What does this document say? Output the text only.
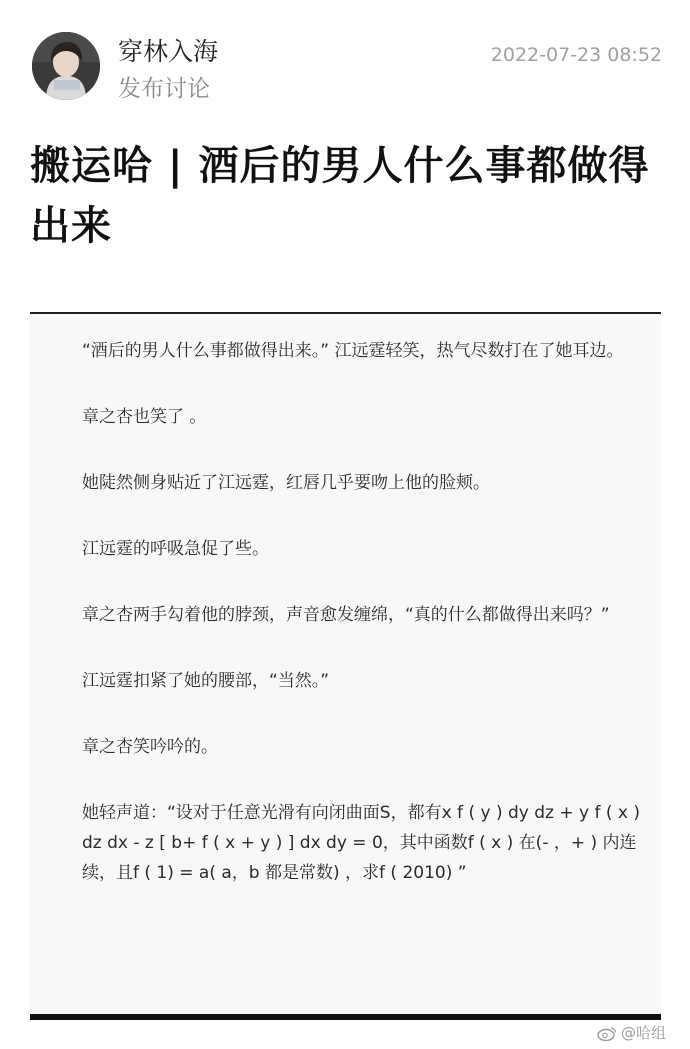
穿林入海
发布讨论
2022-07-23 08:52
搬运哈 | 酒后的男人什么事都做得出来

“酒后的男人什么事都做得出来。” 江远霆轻笑，热气尽数打在了她耳边。

章之杏也笑了 。

她陡然侧身贴近了江远霆，红唇几乎要吻上他的脸颊。

江远霆的呼吸急促了些。

章之杏两手勾着他的脖颈，声音愈发缠绵，“真的什么都做得出来吗？”

江远霆扣紧了她的腰部，“当然。”

章之杏笑吟吟的。

她轻声道：“设对于任意光滑有向闭曲面S，都有x f ( y ) dy dz + y f ( x ) dz dx - z [ b+ f ( x + y ) ] dx dy = 0，其中函数f ( x ) 在(- ，+ ) 内连续，且f ( 1) = a( a，b 都是常数) ，求f ( 2010) ”

@哈组
